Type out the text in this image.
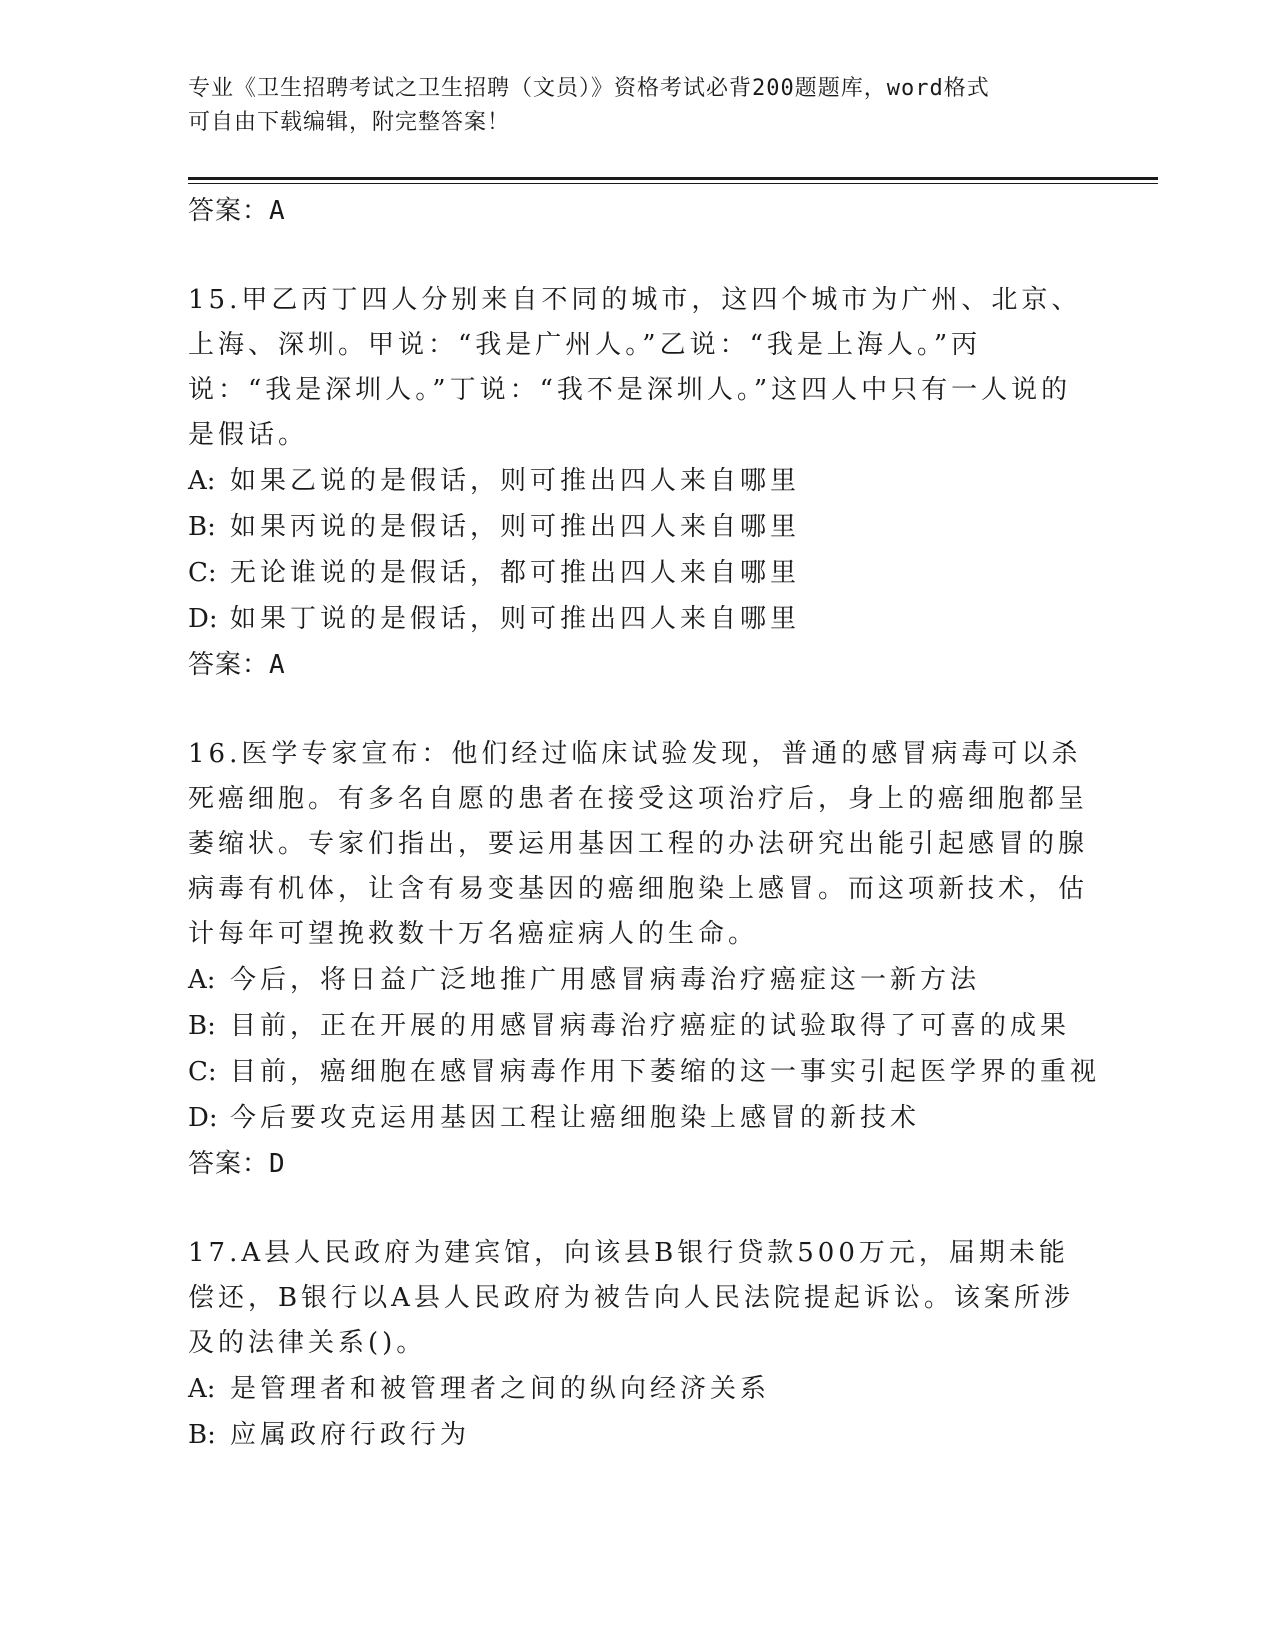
专业《卫生招聘考试之卫生招聘（文员）》资格考试必背200题题库，word格式
可自由下载编辑，附完整答案！
答案：A
15.甲乙丙丁四人分别来自不同的城市，这四个城市为广州、北京、上海、深圳。甲说：“我是广州人。”乙说：“我是上海人。”丙说：“我是深圳人。”丁说：“我不是深圳人。”这四人中只有一人说的是假话。
A: 如果乙说的是假话，则可推出四人来自哪里
B: 如果丙说的是假话，则可推出四人来自哪里
C: 无论谁说的是假话，都可推出四人来自哪里
D: 如果丁说的是假话，则可推出四人来自哪里
答案：A
16.医学专家宣布：他们经过临床试验发现，普通的感冒病毒可以杀死癌细胞。有多名自愿的患者在接受这项治疗后，身上的癌细胞都呈萎缩状。专家们指出，要运用基因工程的办法研究出能引起感冒的腺病毒有机体，让含有易变基因的癌细胞染上感冒。而这项新技术，估计每年可望挽救数十万名癌症病人的生命。
A: 今后，将日益广泛地推广用感冒病毒治疗癌症这一新方法
B: 目前，正在开展的用感冒病毒治疗癌症的试验取得了可喜的成果
C: 目前，癌细胞在感冒病毒作用下萎缩的这一事实引起医学界的重视
D: 今后要攻克运用基因工程让癌细胞染上感冒的新技术
答案：D
17.A县人民政府为建宾馆，向该县B银行贷款500万元，届期未能偿还，B银行以A县人民政府为被告向人民法院提起诉讼。该案所涉及的法律关系()。
A: 是管理者和被管理者之间的纵向经济关系
B: 应属政府行政行为
